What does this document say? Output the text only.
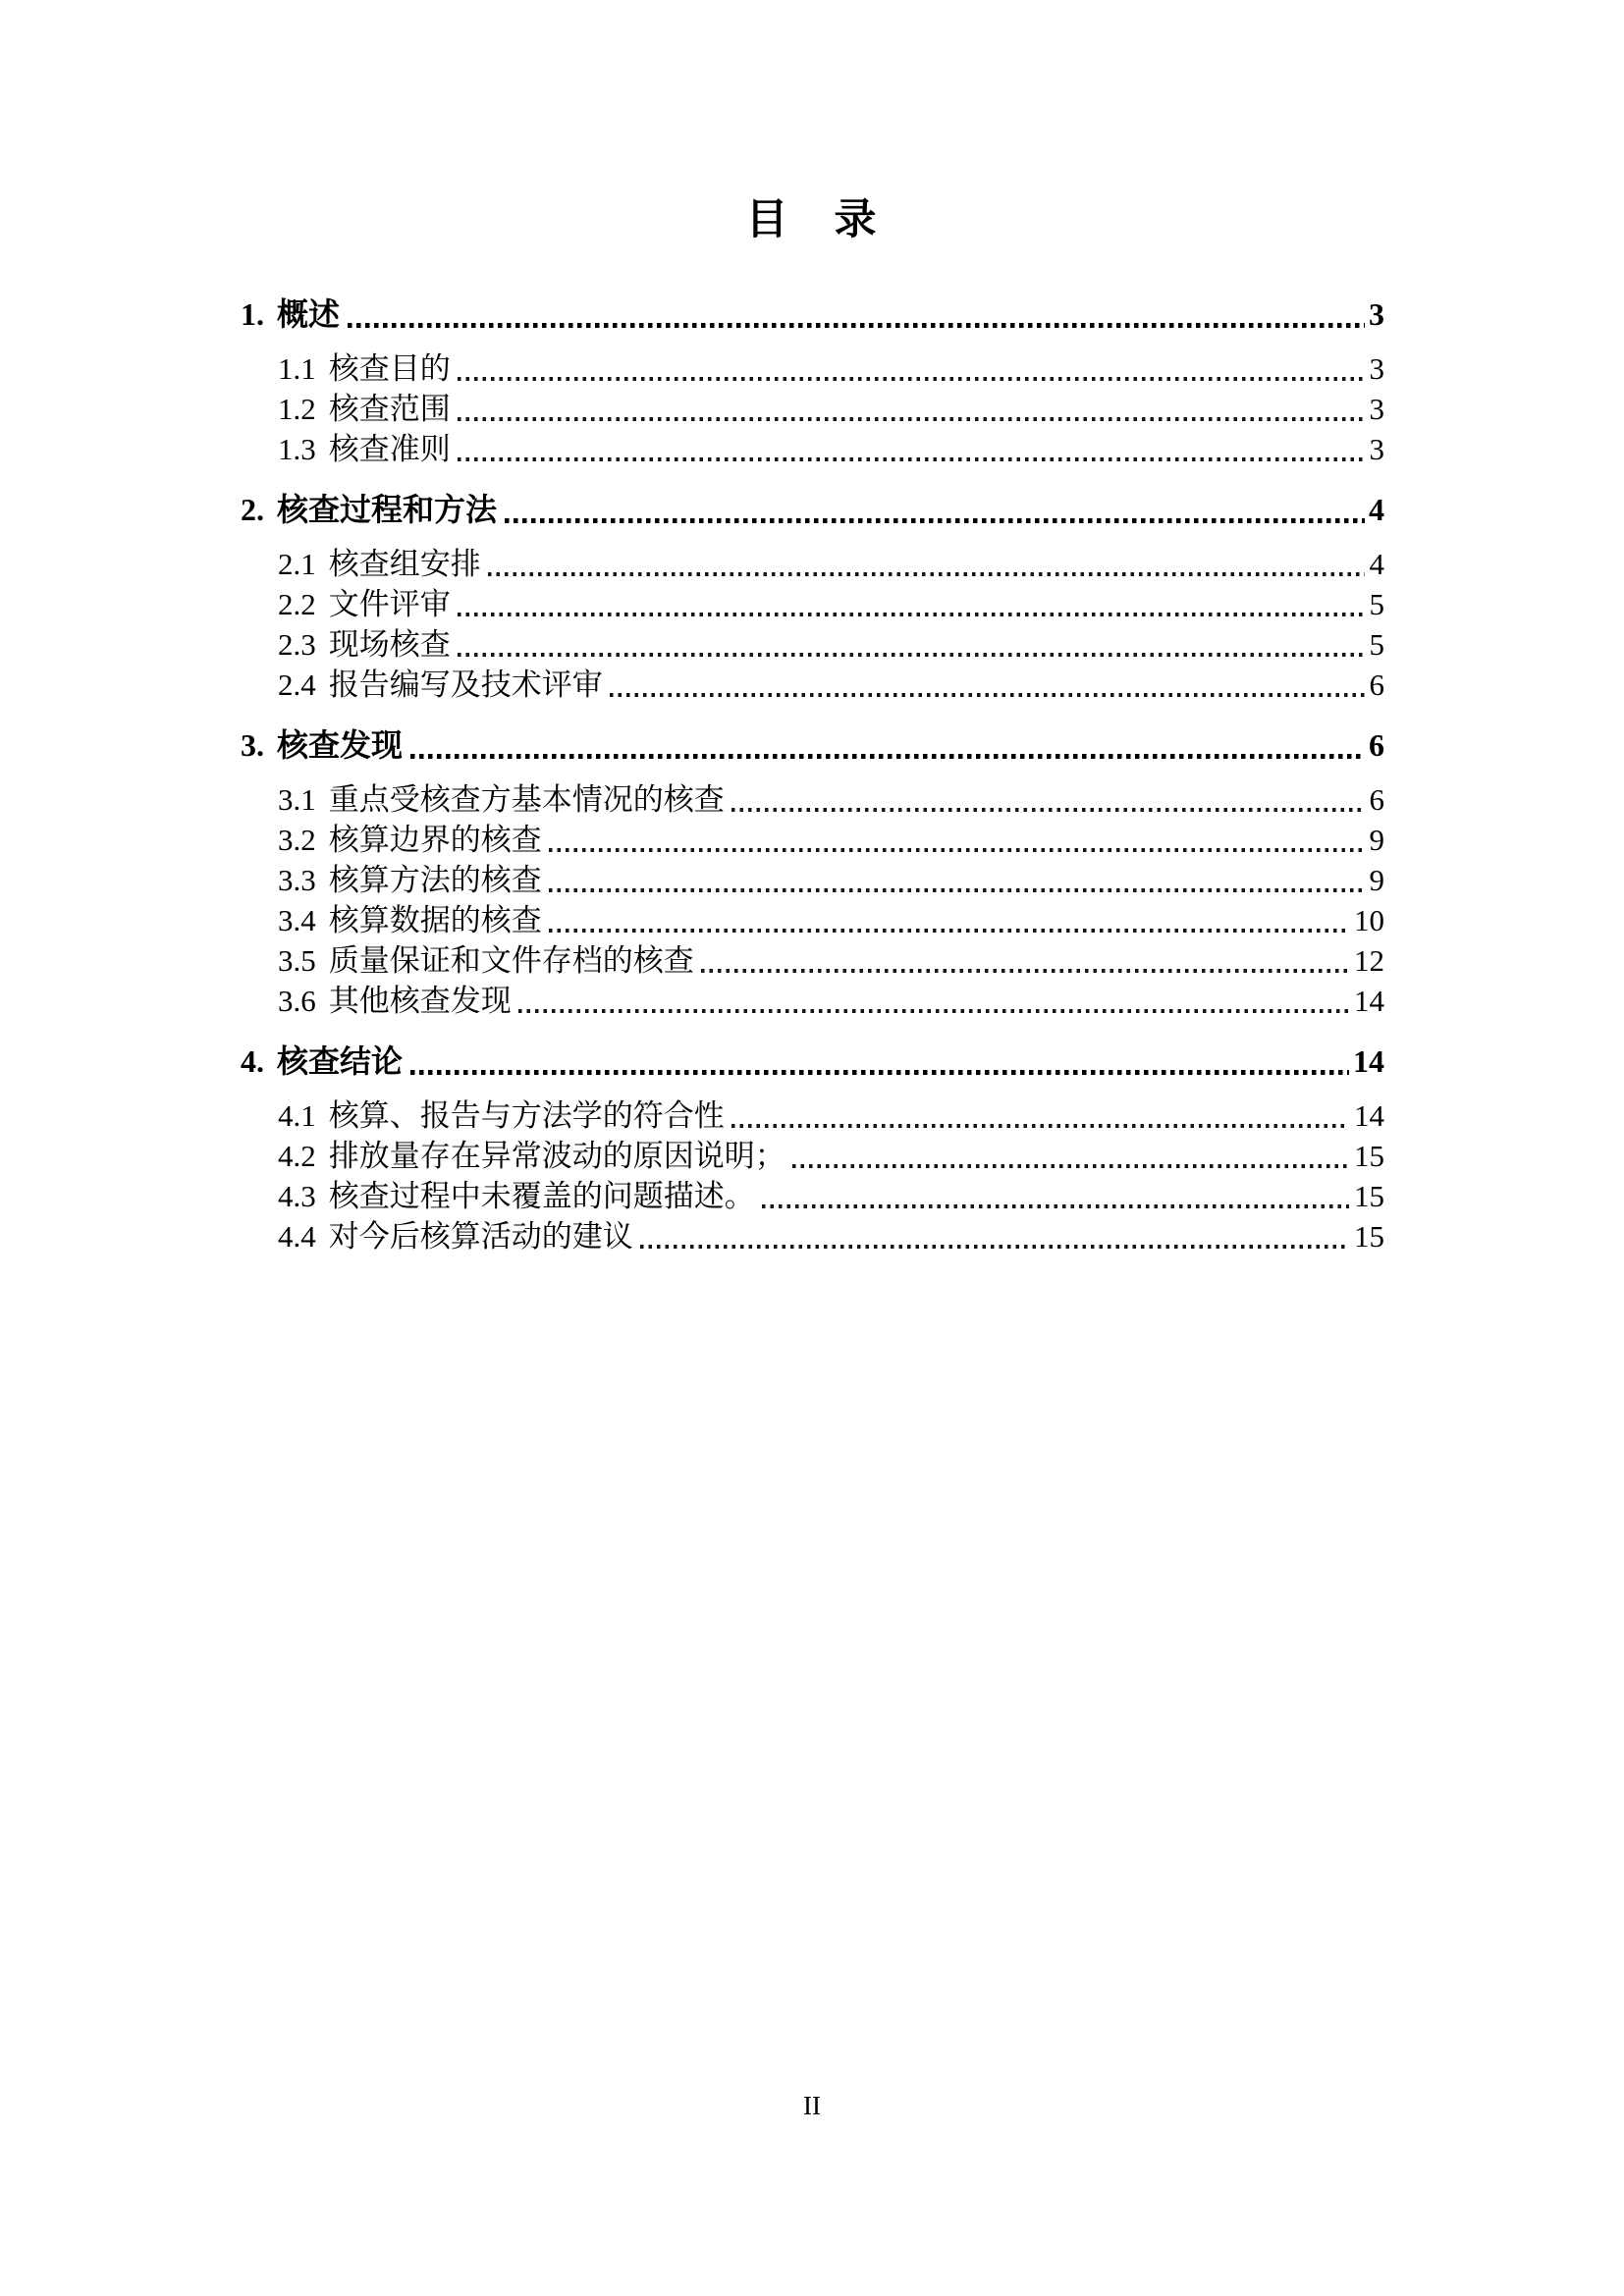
目　录
1. 概述	3
1.1 核查目的	3
1.2 核查范围	3
1.3 核查准则	3
2. 核查过程和方法	4
2.1 核查组安排	4
2.2 文件评审	5
2.3 现场核查	5
2.4 报告编写及技术评审	6
3. 核查发现	6
3.1 重点受核查方基本情况的核查	6
3.2 核算边界的核查	9
3.3 核算方法的核查	9
3.4 核算数据的核查	10
3.5 质量保证和文件存档的核查	12
3.6 其他核查发现	14
4. 核查结论	14
4.1 核算、报告与方法学的符合性	14
4.2 排放量存在异常波动的原因说明；	15
4.3 核查过程中未覆盖的问题描述。	15
4.4 对今后核算活动的建议	15
II
